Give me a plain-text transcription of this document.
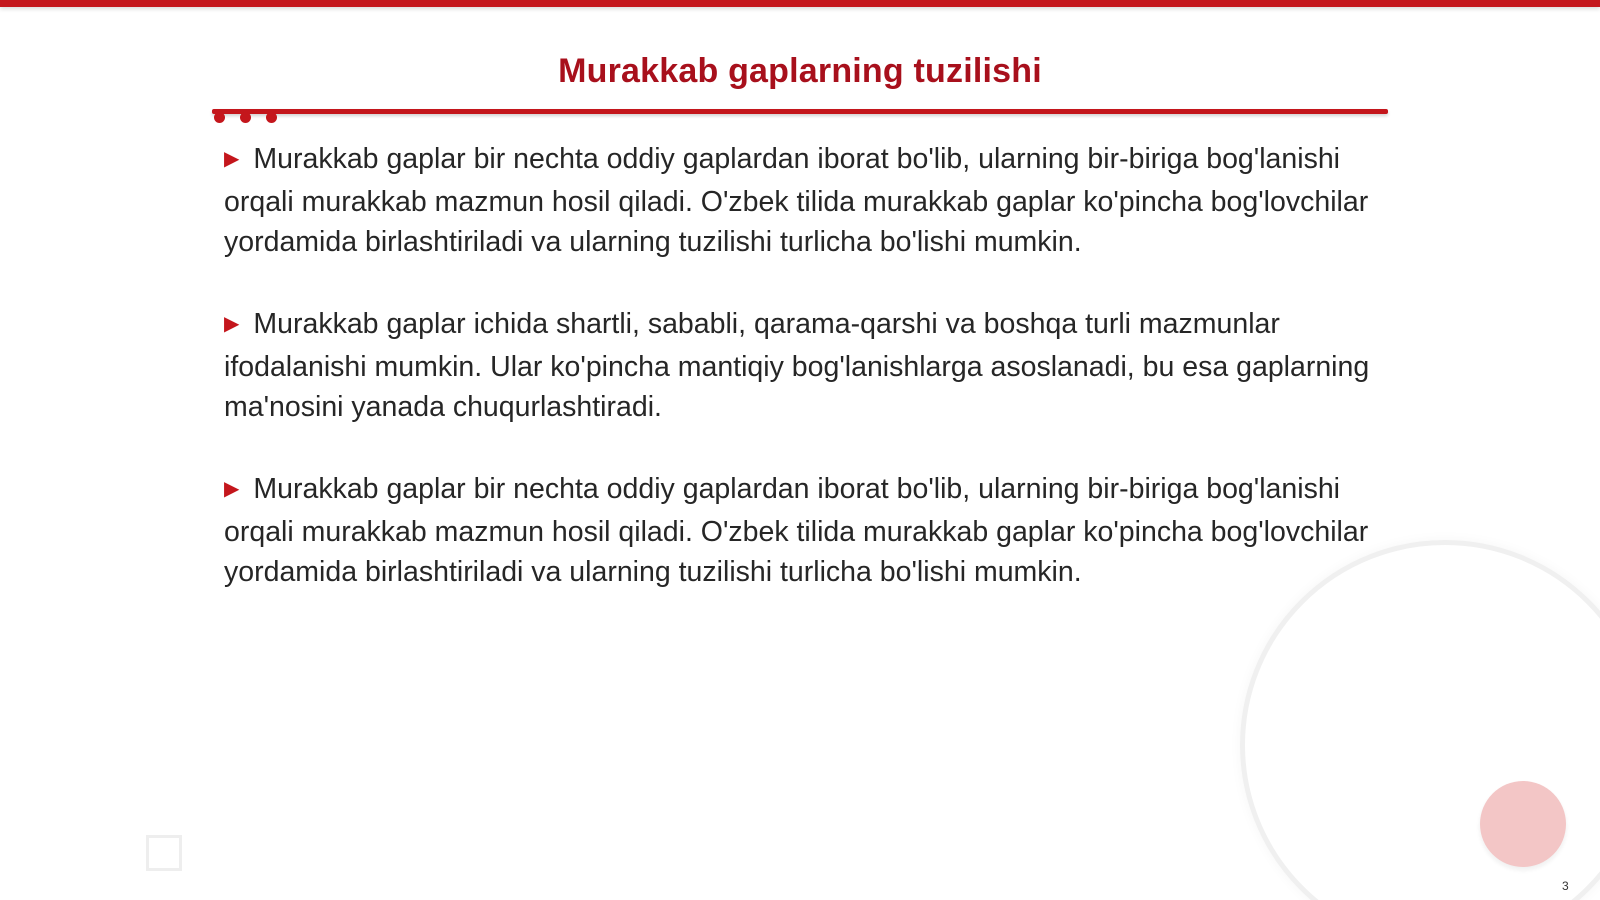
Murakkab gaplarning tuzilishi

▶ Murakkab gaplar bir nechta oddiy gaplardan iborat bo'lib, ularning bir-biriga bog'lanishi orqali murakkab mazmun hosil qiladi. O'zbek tilida murakkab gaplar ko'pincha bog'lovchilar yordamida birlashtiriladi va ularning tuzilishi turlicha bo'lishi mumkin.

▶ Murakkab gaplar ichida shartli, sababli, qarama-qarshi va boshqa turli mazmunlar ifodalanishi mumkin. Ular ko'pincha mantiqiy bog'lanishlarga asoslanadi, bu esa gaplarning ma'nosini yanada chuqurlashtiradi.

▶ Murakkab gaplar bir nechta oddiy gaplardan iborat bo'lib, ularning bir-biriga bog'lanishi orqali murakkab mazmun hosil qiladi. O'zbek tilida murakkab gaplar ko'pincha bog'lovchilar yordamida birlashtiriladi va ularning tuzilishi turlicha bo'lishi mumkin.

3
